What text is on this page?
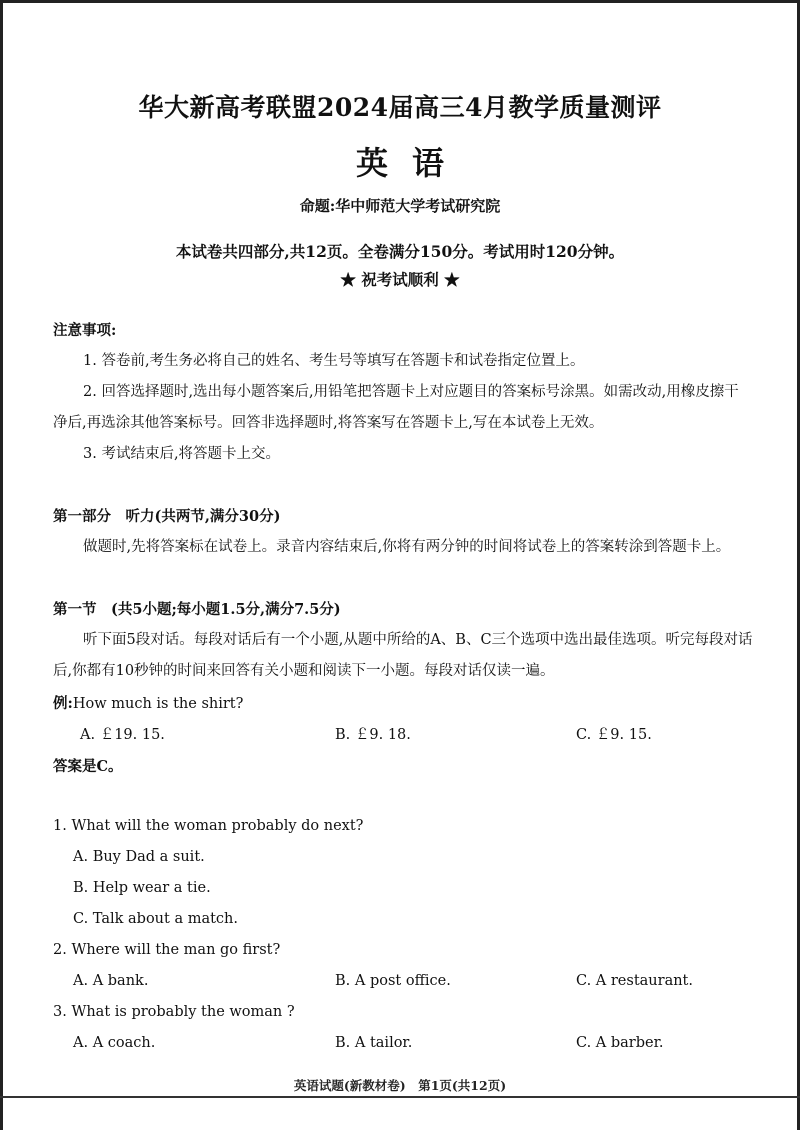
华大新高考联盟2024届高三4月教学质量测评
英语
命题:华中师范大学考试研究院
本试卷共四部分,共12页。全卷满分150分。考试用时120分钟。
★ 祝考试顺利 ★
注意事项:
1. 答卷前,考生务必将自己的姓名、考生号等填写在答题卡和试卷指定位置上。
2. 回答选择题时,选出每小题答案后,用铅笔把答题卡上对应题目的答案标号涂黑。如需改动,用橡皮擦干净后,再选涂其他答案标号。回答非选择题时,将答案写在答题卡上,写在本试卷上无效。
3. 考试结束后,将答题卡上交。
第一部分　听力(共两节,满分30分)
做题时,先将答案标在试卷上。录音内容结束后,你将有两分钟的时间将试卷上的答案转涂到答题卡上。
第一节　(共5小题;每小题1.5分,满分7.5分)
听下面5段对话。每段对话后有一个小题,从题中所给的A、B、C三个选项中选出最佳选项。听完每段对话后,你都有10秒钟的时间来回答有关小题和阅读下一小题。每段对话仅读一遍。
例:How much is the shirt?
A. ￡19. 15.	B. ￡9. 18.	C. ￡9. 15.
答案是C。
1. What will the woman probably do next?
A. Buy Dad a suit.
B. Help wear a tie.
C. Talk about a match.
2. Where will the man go first?
A. A bank.	B. A post office.	C. A restaurant.
3. What is probably the woman ?
A. A coach.	B. A tailor.	C. A barber.
英语试题(新教材卷)　第1页(共12页)
